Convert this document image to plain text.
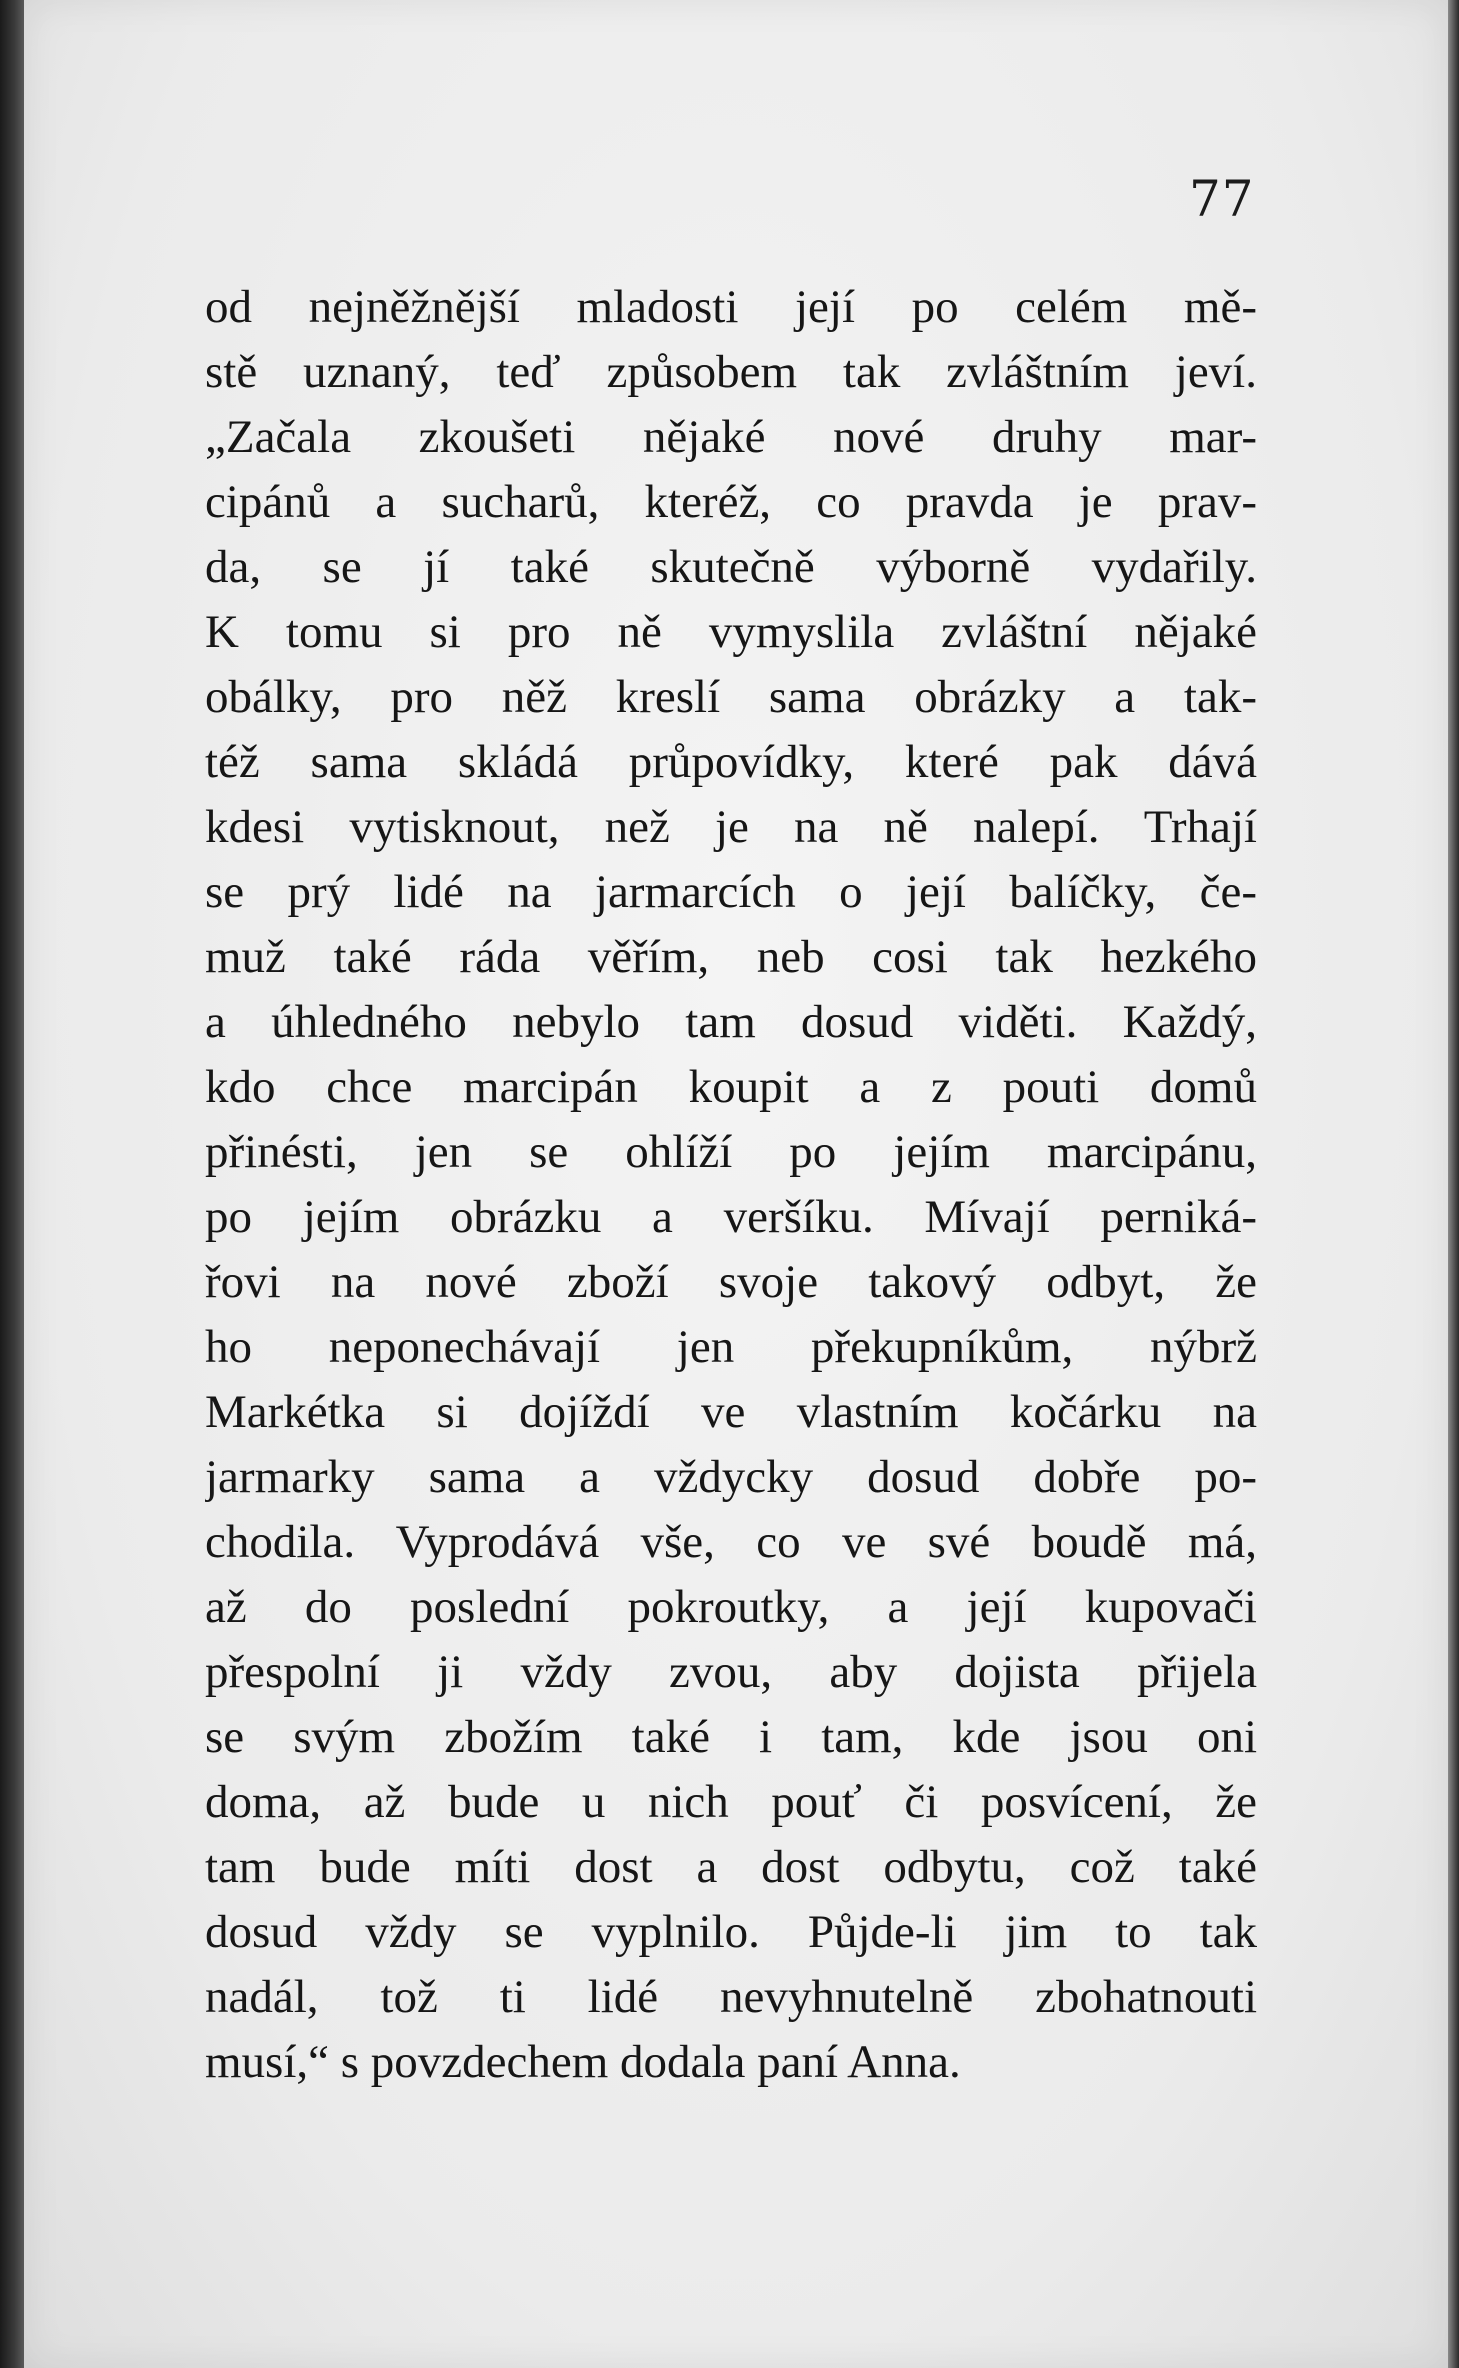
77
od nejněžnější mladosti její po celém mě-
stě uznaný, teď způsobem tak zvláštním jeví.
„Začala zkoušeti nějaké nové druhy mar-
cipánů a sucharů, kteréž, co pravda je prav-
da, se jí také skutečně výborně vydařily.
K tomu si pro ně vymyslila zvláštní nějaké
obálky, pro něž kreslí sama obrázky a tak-
též sama skládá průpovídky, které pak dává
kdesi vytisknout, než je na ně nalepí. Trhají
se prý lidé na jarmarcích o její balíčky, če-
muž také ráda věřím, neb cosi tak hezkého
a úhledného nebylo tam dosud viděti. Každý,
kdo chce marcipán koupit a z pouti domů
přinésti, jen se ohlíží po jejím marcipánu,
po jejím obrázku a veršíku. Mívají perniká-
řovi na nové zboží svoje takový odbyt, že
ho neponechávají jen překupníkům, nýbrž
Markétka si dojíždí ve vlastním kočárku na
jarmarky sama a vždycky dosud dobře po-
chodila. Vyprodává vše, co ve své boudě má,
až do poslední pokroutky, a její kupovači
přespolní ji vždy zvou, aby dojista přijela
se svým zbožím také i tam, kde jsou oni
doma, až bude u nich pouť či posvícení, že
tam bude míti dost a dost odbytu, což také
dosud vždy se vyplnilo. Půjde-li jim to tak
nadál, tož ti lidé nevyhnutelně zbohatnouti
musí,“ s povzdechem dodala paní Anna.
